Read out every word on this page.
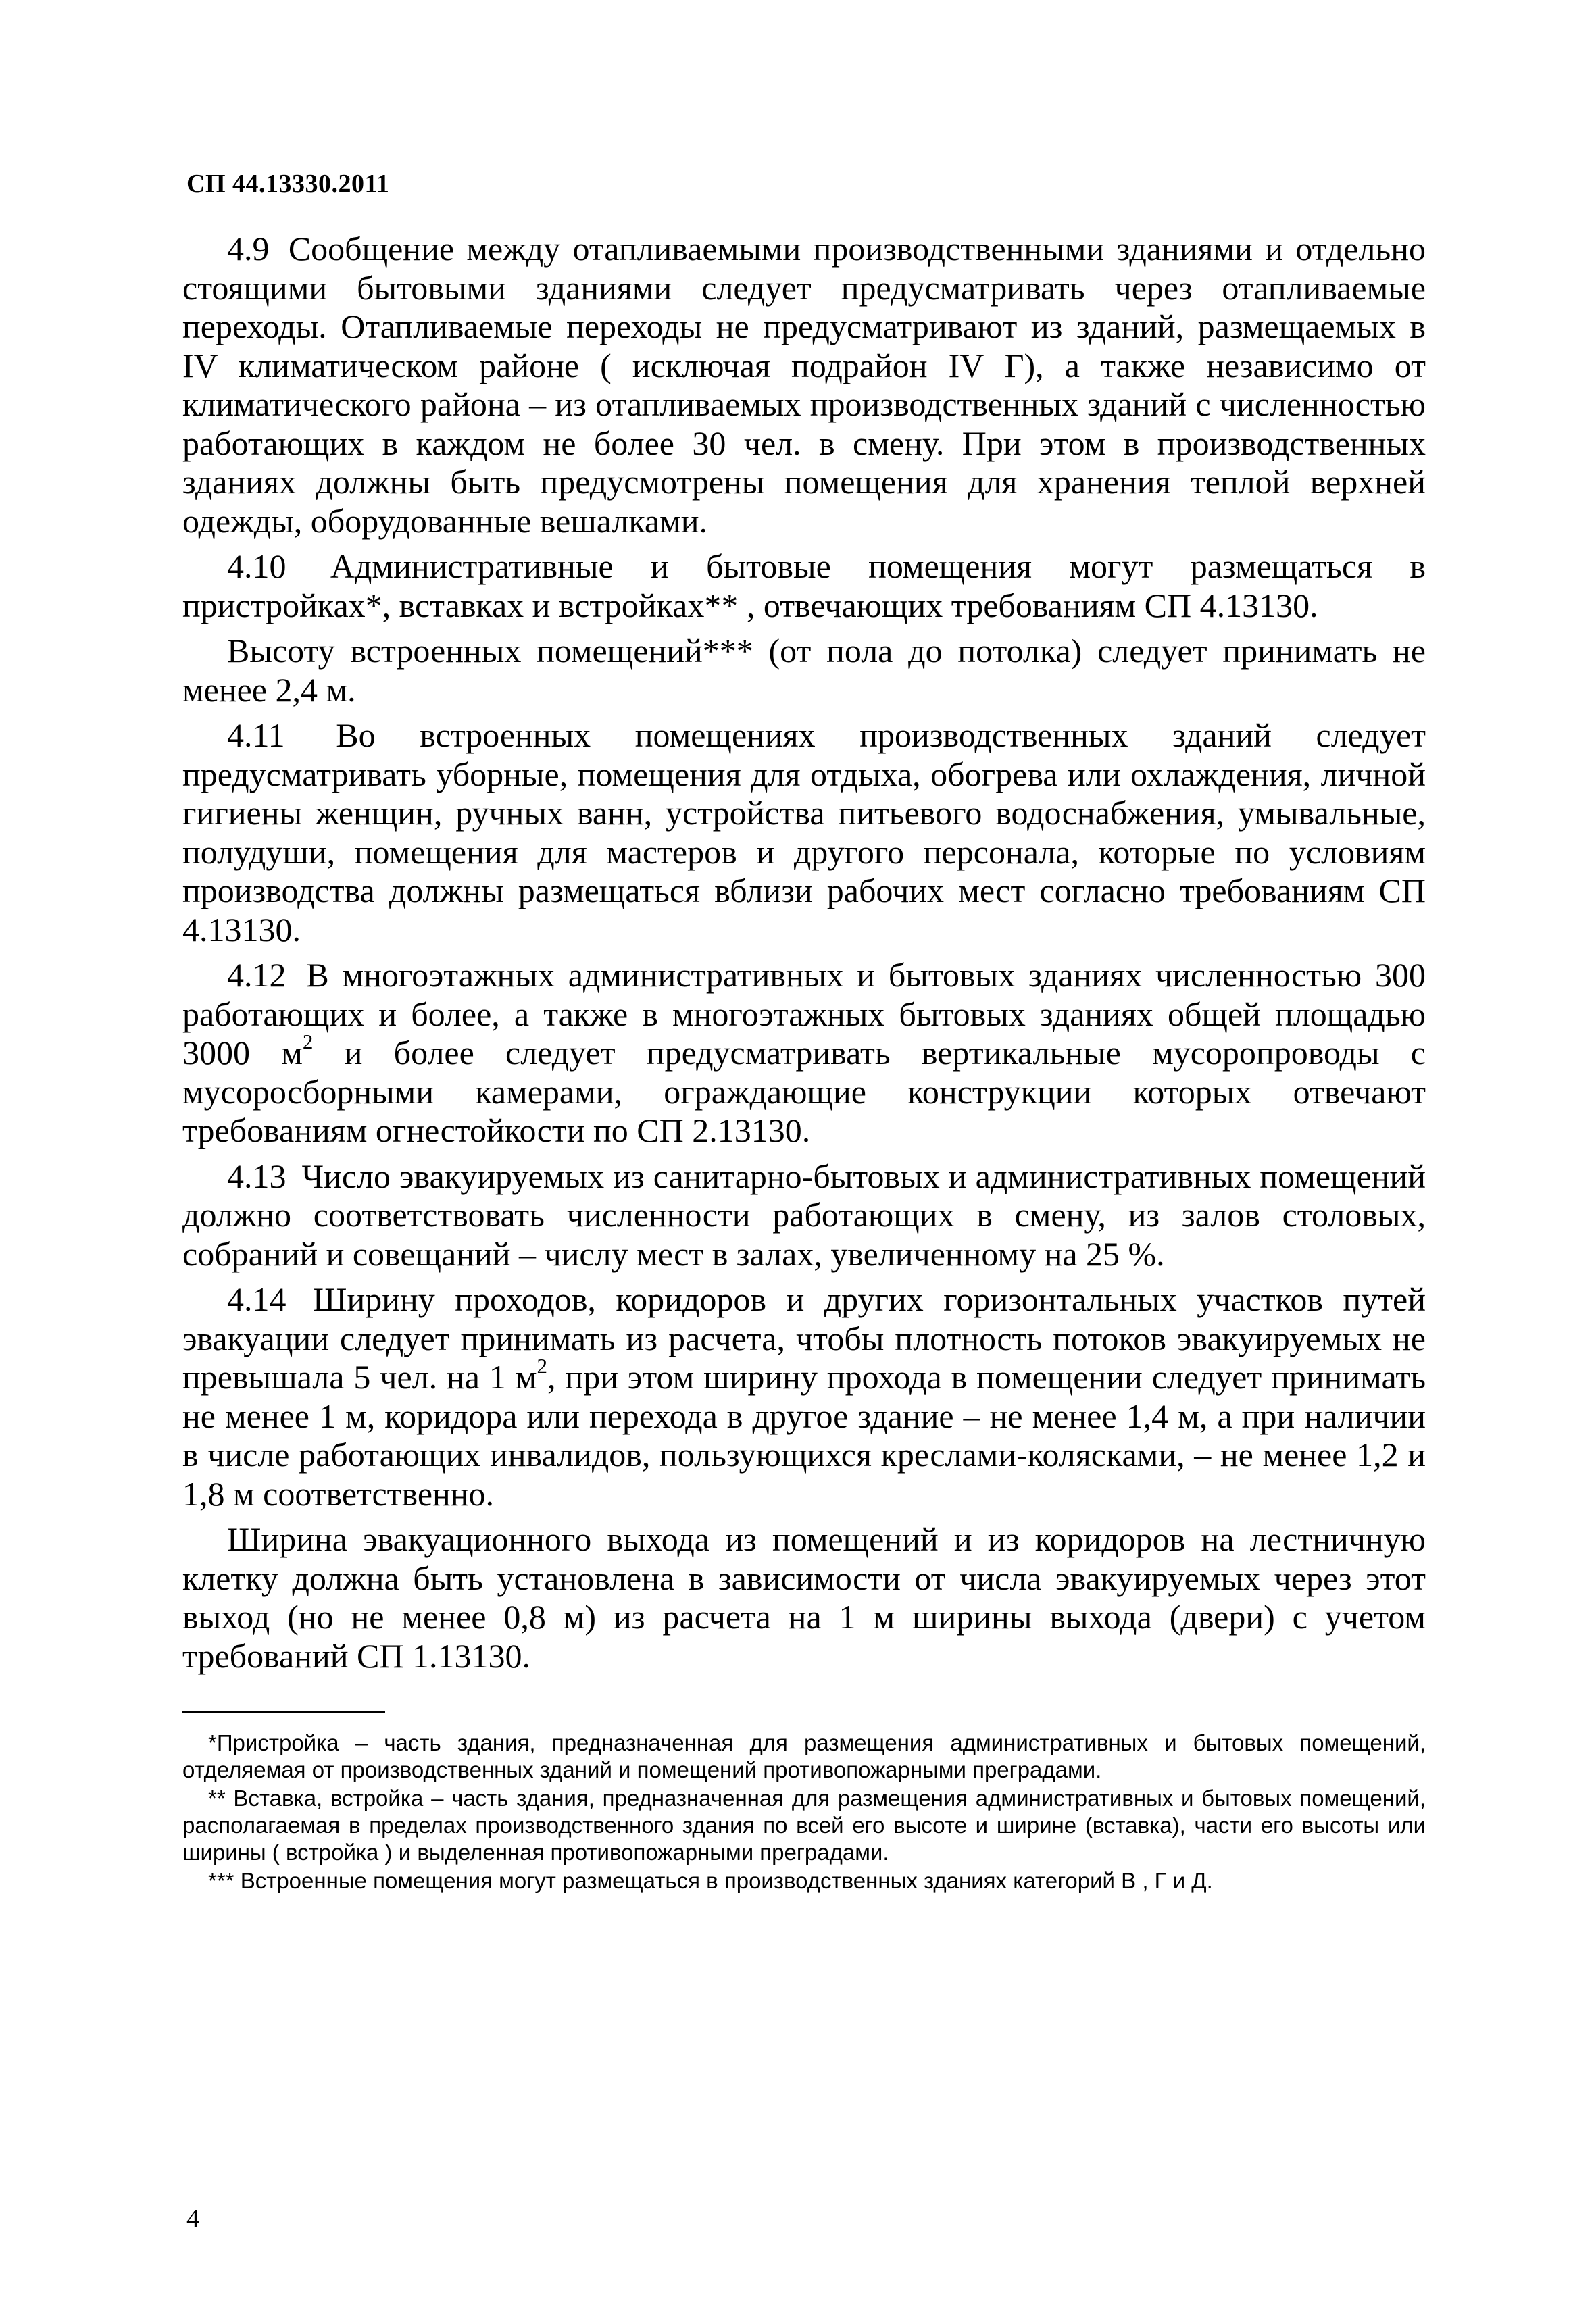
СП 44.13330.2011

4.9 Сообщение между отапливаемыми производственными зданиями и отдельно стоящими бытовыми зданиями следует предусматривать через отапливаемые переходы. Отапливаемые переходы не предусматривают из зданий, размещаемых в IV климатическом районе ( исключая подрайон IV Г), а также независимо от климатического района – из отапливаемых производственных зданий с численностью работающих в каждом не более 30 чел. в смену. При этом в производственных зданиях должны быть предусмотрены помещения для хранения теплой верхней одежды, оборудованные вешалками.

4.10 Административные и бытовые помещения могут размещаться в пристройках*, вставках и встройках** , отвечающих требованиям СП 4.13130.

Высоту встроенных помещений*** (от пола до потолка) следует принимать не менее 2,4 м.

4.11 Во встроенных помещениях производственных зданий следует предусматривать уборные, помещения для отдыха, обогрева или охлаждения, личной гигиены женщин, ручных ванн, устройства питьевого водоснабжения, умывальные, полудуши, помещения для мастеров и другого персонала, которые по условиям производства должны размещаться вблизи рабочих мест согласно требованиям СП 4.13130.

4.12 В многоэтажных административных и бытовых зданиях численностью 300 работающих и более, а также в многоэтажных бытовых зданиях общей площадью 3000 $м^2$ и более следует предусматривать вертикальные мусоропроводы с мусоросборными камерами, ограждающие конструкции которых отвечают требованиям огнестойкости по СП 2.13130.

4.13 Число эвакуируемых из санитарно-бытовых и административных помещений должно соответствовать численности работающих в смену, из залов столовых, собраний и совещаний – числу мест в залах, увеличенному на 25 %.

4.14 Ширину проходов, коридоров и других горизонтальных участков путей эвакуации следует принимать из расчета, чтобы плотность потоков эвакуируемых не превышала 5 чел. на 1 $м^2$, при этом ширину прохода в помещении следует принимать не менее 1 м, коридора или перехода в другое здание – не менее 1,4 м, а при наличии в числе работающих инвалидов, пользующихся креслами-колясками, – не менее 1,2 и 1,8 м соответственно.

Ширина эвакуационного выхода из помещений и из коридоров на лестничную клетку должна быть установлена в зависимости от числа эвакуируемых через этот выход (но не менее 0,8 м) из расчета на 1 м ширины выхода (двери) с учетом требований СП 1.13130.

*Пристройка – часть здания, предназначенная для размещения административных и бытовых помещений, отделяемая от производственных зданий и помещений противопожарными преградами.

** Вставка, встройка – часть здания, предназначенная для размещения административных и бытовых помещений, располагаемая в пределах производственного здания по всей его высоте и ширине (вставка), части его высоты или ширины ( встройка ) и выделенная противопожарными преградами.

*** Встроенные помещения могут размещаться в производственных зданиях категорий В , Г и Д.

4
